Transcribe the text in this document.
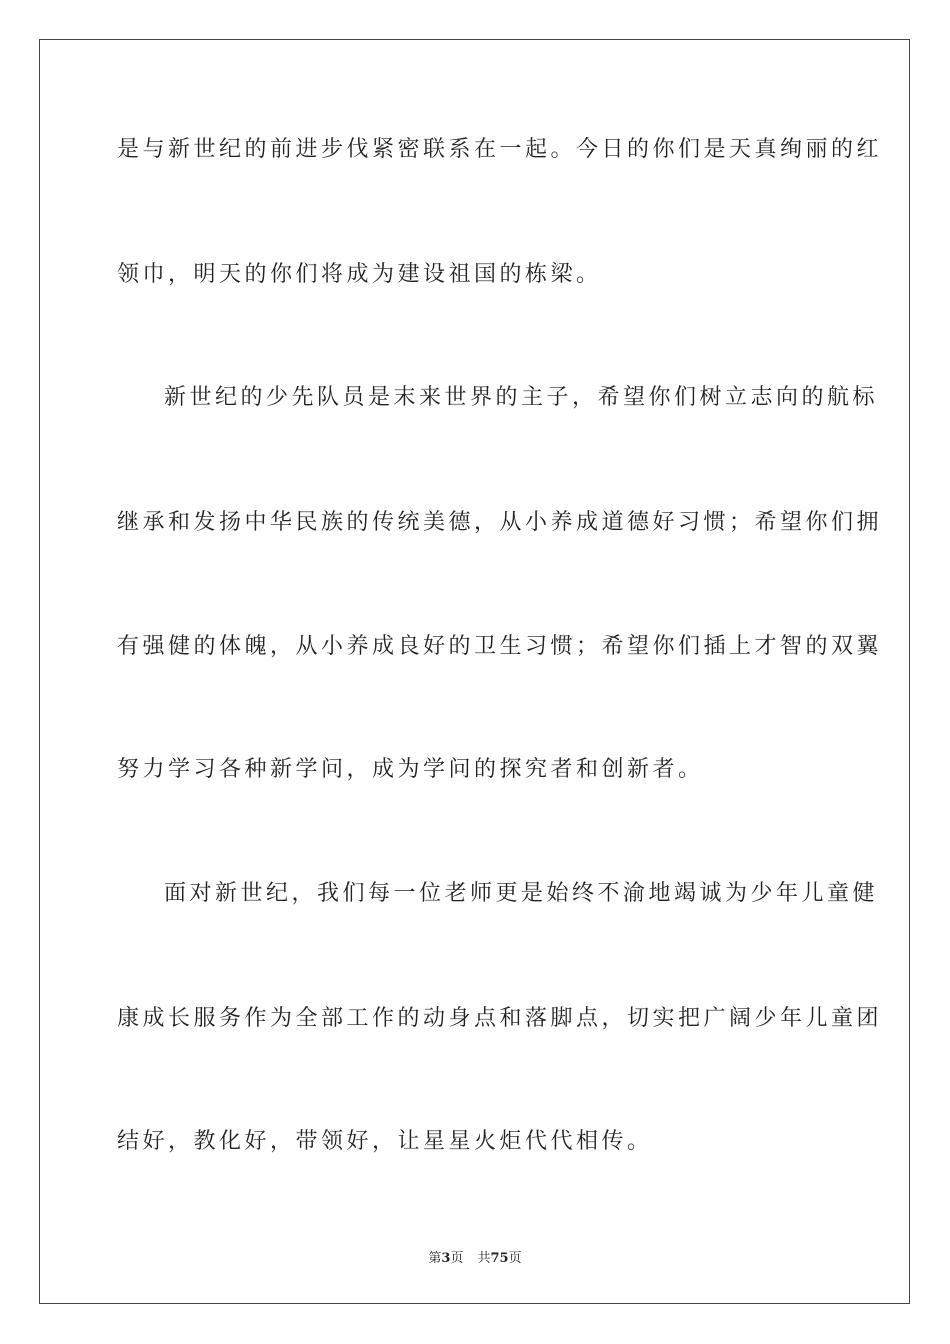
是与新世纪的前进步伐紧密联系在一起。今日的你们是天真绚丽的红
领巾，明天的你们将成为建设祖国的栋梁。
新世纪的少先队员是末来世界的主子，希望你们树立志向的航标
继承和发扬中华民族的传统美德，从小养成道德好习惯；希望你们拥
有强健的体魄，从小养成良好的卫生习惯；希望你们插上才智的双翼
努力学习各种新学问，成为学问的探究者和创新者。
面对新世纪，我们每一位老师更是始终不渝地竭诚为少年儿童健
康成长服务作为全部工作的动身点和落脚点，切实把广阔少年儿童团
结好，教化好，带领好，让星星火炬代代相传。
第3页 共75页
